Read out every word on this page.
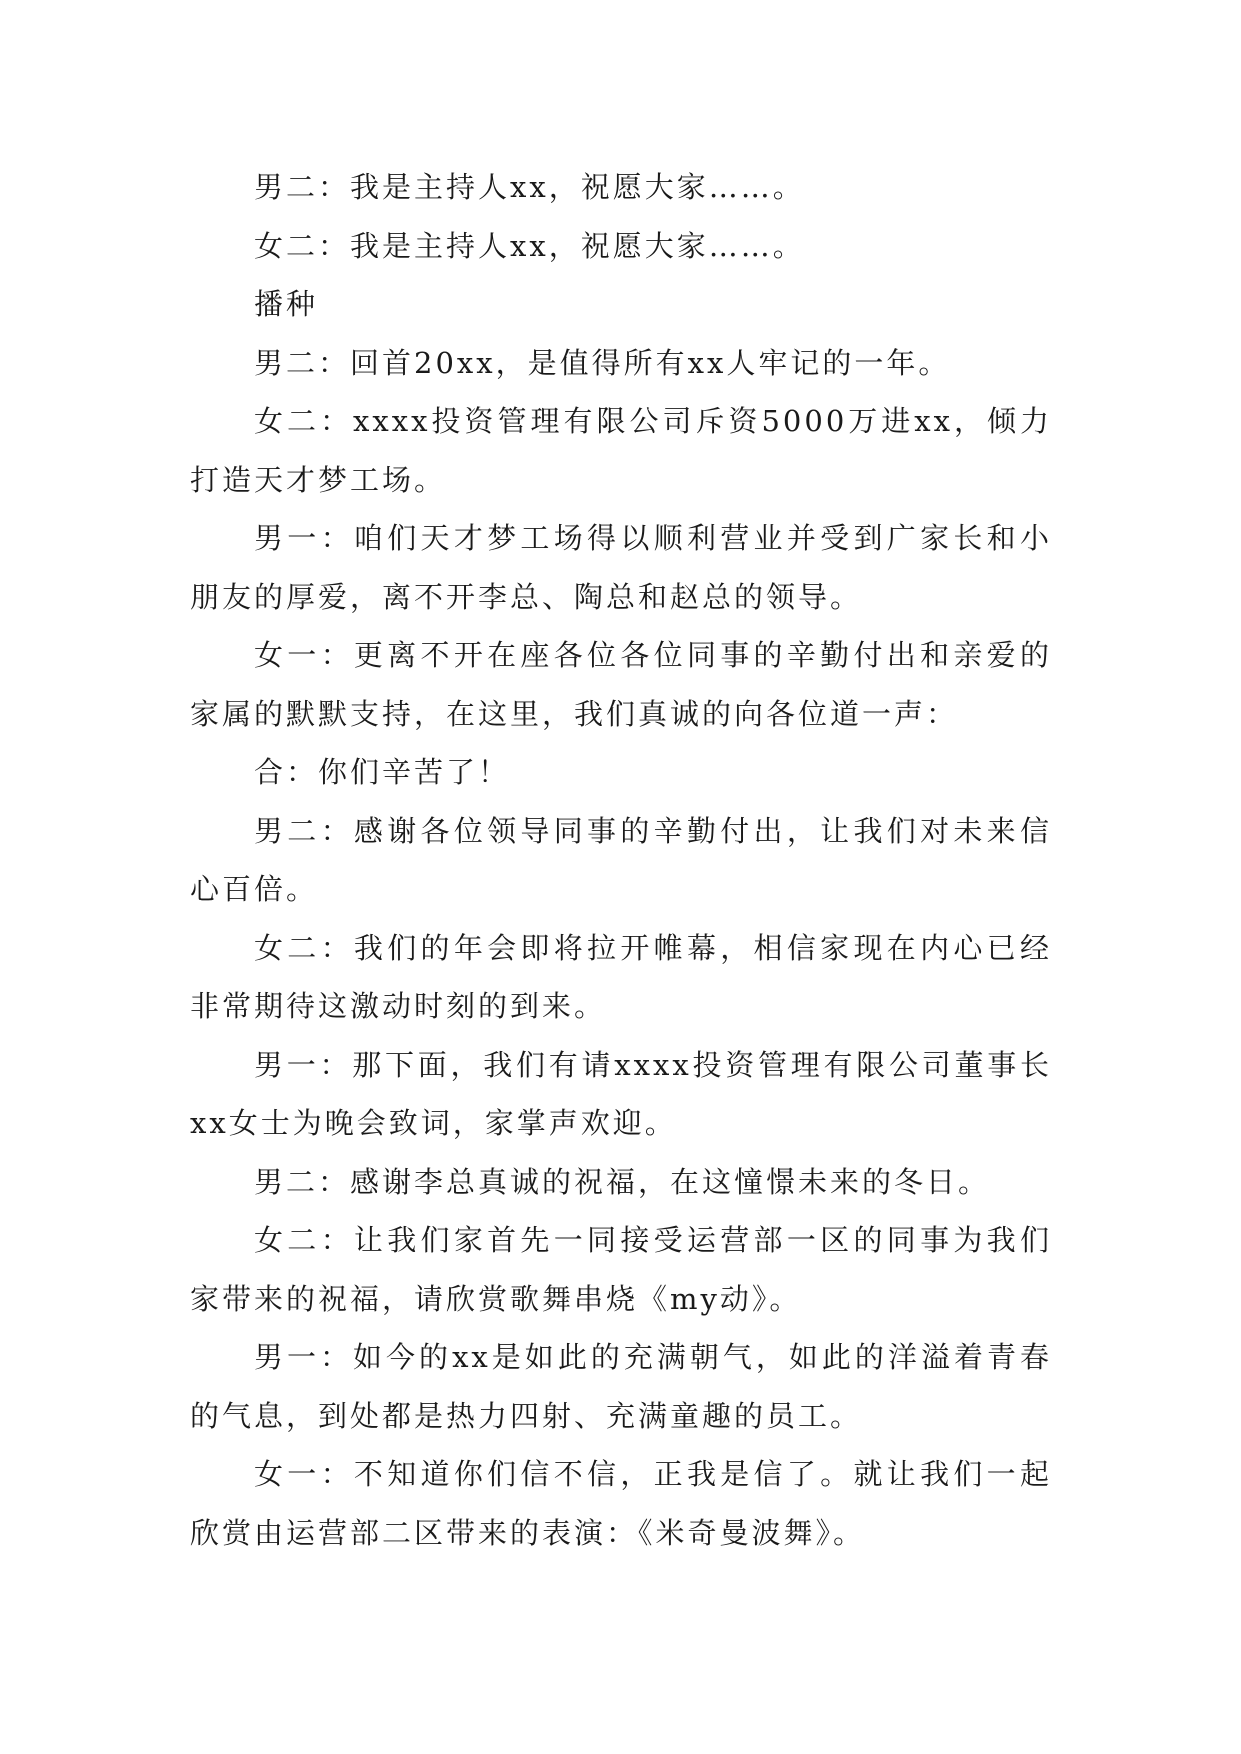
男二：我是主持人xx，祝愿大家……。

女二：我是主持人xx，祝愿大家……。

播种

男二：回首20xx，是值得所有xx人牢记的一年。

女二：xxxx投资管理有限公司斥资5000万进xx，倾力打造天才梦工场。

男一：咱们天才梦工场得以顺利营业并受到广家长和小朋友的厚爱，离不开李总、陶总和赵总的领导。

女一：更离不开在座各位各位同事的辛勤付出和亲爱的家属的默默支持，在这里，我们真诚的向各位道一声：

合：你们辛苦了！

男二：感谢各位领导同事的辛勤付出，让我们对未来信心百倍。

女二：我们的年会即将拉开帷幕，相信家现在内心已经非常期待这激动时刻的到来。

男一：那下面，我们有请xxxx投资管理有限公司董事长xx女士为晚会致词，家掌声欢迎。

男二：感谢李总真诚的祝福，在这憧憬未来的冬日。

女二：让我们家首先一同接受运营部一区的同事为我们家带来的祝福，请欣赏歌舞串烧《my动》。

男一：如今的xx是如此的充满朝气，如此的洋溢着青春的气息，到处都是热力四射、充满童趣的员工。

女一：不知道你们信不信，正我是信了。就让我们一起欣赏由运营部二区带来的表演：《米奇曼波舞》。
